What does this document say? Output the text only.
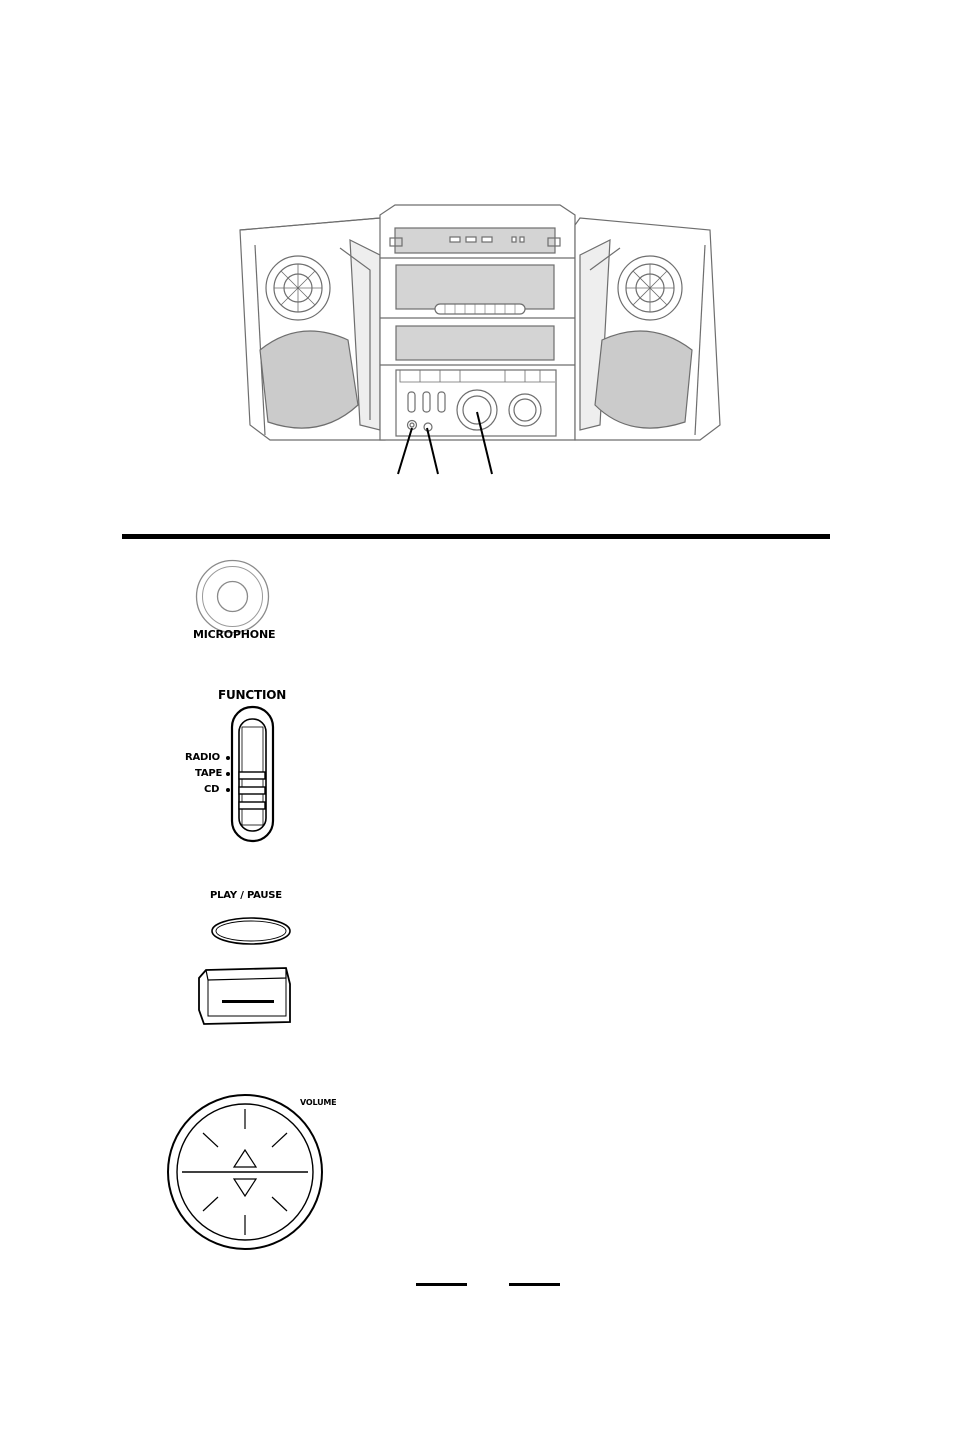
MICROPHONE
FUNCTION
RADIO
TAPE
CD
PLAY / PAUSE
VOLUME
